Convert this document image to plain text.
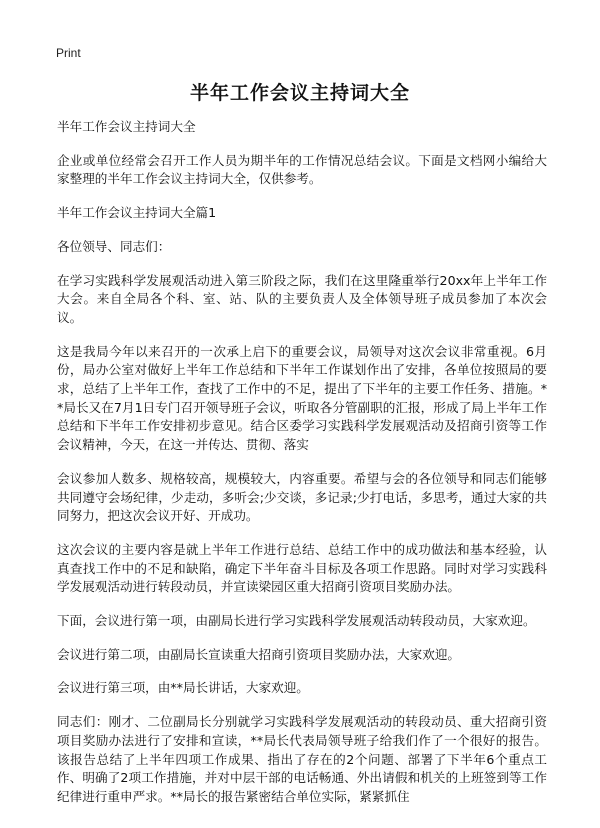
Print
半年工作会议主持词大全

半年工作会议主持词大全

企业或单位经常会召开工作人员为期半年的工作情况总结会议。下面是文档网小编给大家整理的半年工作会议主持词大全，仅供参考。

半年工作会议主持词大全篇1

各位领导、同志们：

在学习实践科学发展观活动进入第三阶段之际，我们在这里隆重举行20xx年上半年工作大会。来自全局各个科、室、站、队的主要负责人及全体领导班子成员参加了本次会议。

这是我局今年以来召开的一次承上启下的重要会议，局领导对这次会议非常重视。6月份，局办公室对做好上半年工作总结和下半年工作谋划作出了安排，各单位按照局的要求，总结了上半年工作，查找了工作中的不足，提出了下半年的主要工作任务、措施。**局长又在7月1日专门召开领导班子会议，听取各分管副职的汇报，形成了局上半年工作总结和下半年工作安排初步意见。结合区委学习实践科学发展观活动及招商引资等工作会议精神，今天，在这一并传达、贯彻、落实

会议参加人数多、规格较高，规模较大，内容重要。希望与会的各位领导和同志们能够共同遵守会场纪律，少走动，多听会;少交谈，多记录;少打电话，多思考，通过大家的共同努力，把这次会议开好、开成功。

这次会议的主要内容是就上半年工作进行总结、总结工作中的成功做法和基本经验，认真查找工作中的不足和缺陷，确定下半年奋斗目标及各项工作思路。同时对学习实践科学发展观活动进行转段动员，并宣读梁园区重大招商引资项目奖励办法。

下面，会议进行第一项，由副局长进行学习实践科学发展观活动转段动员，大家欢迎。

会议进行第二项，由副局长宣读重大招商引资项目奖励办法，大家欢迎。

会议进行第三项，由**局长讲话，大家欢迎。

同志们：刚才、二位副局长分别就学习实践科学发展观活动的转段动员、重大招商引资项目奖励办法进行了安排和宣读，**局长代表局领导班子给我们作了一个很好的报告。该报告总结了上半年四项工作成果、指出了存在的2个问题、部署了下半年6个重点工作、明确了2项工作措施，并对中层干部的电话畅通、外出请假和机关的上班签到等工作纪律进行重申严求。**局长的报告紧密结合单位实际，紧紧抓住
